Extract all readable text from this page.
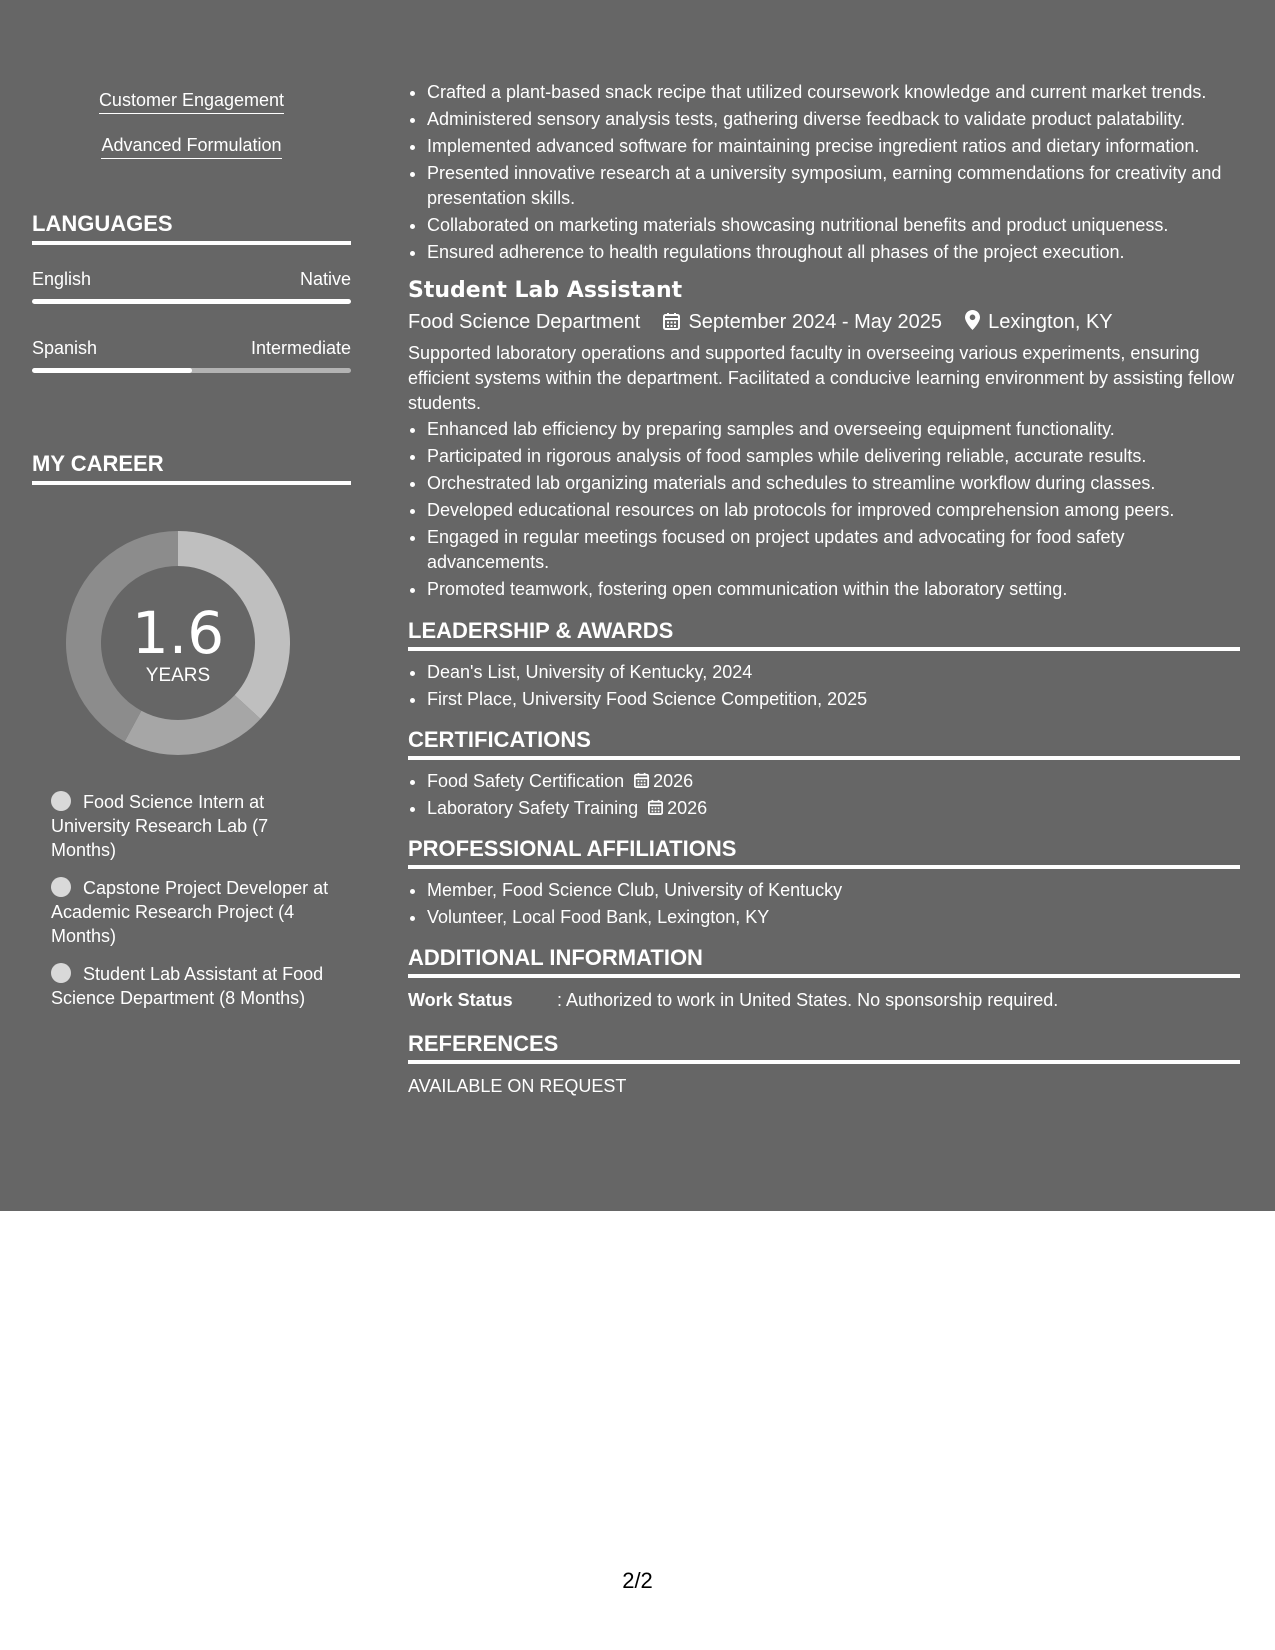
Customer Engagement
Advanced Formulation
LANGUAGES
English	Native
Spanish	Intermediate
MY CAREER
1.6
YEARS
Food Science Intern at University Research Lab (7 Months)
Capstone Project Developer at Academic Research Project (4 Months)
Student Lab Assistant at Food Science Department (8 Months)
• Crafted a plant-based snack recipe that utilized coursework knowledge and current market trends.
• Administered sensory analysis tests, gathering diverse feedback to validate product palatability.
• Implemented advanced software for maintaining precise ingredient ratios and dietary information.
• Presented innovative research at a university symposium, earning commendations for creativity and presentation skills.
• Collaborated on marketing materials showcasing nutritional benefits and product uniqueness.
• Ensured adherence to health regulations throughout all phases of the project execution.
Student Lab Assistant
Food Science Department September 2024 - May 2025 Lexington, KY
Supported laboratory operations and supported faculty in overseeing various experiments, ensuring efficient systems within the department. Facilitated a conducive learning environment by assisting fellow students.
• Enhanced lab efficiency by preparing samples and overseeing equipment functionality.
• Participated in rigorous analysis of food samples while delivering reliable, accurate results.
• Orchestrated lab organizing materials and schedules to streamline workflow during classes.
• Developed educational resources on lab protocols for improved comprehension among peers.
• Engaged in regular meetings focused on project updates and advocating for food safety advancements.
• Promoted teamwork, fostering open communication within the laboratory setting.
LEADERSHIP & AWARDS
• Dean's List, University of Kentucky, 2024
• First Place, University Food Science Competition, 2025
CERTIFICATIONS
• Food Safety Certification 2026
• Laboratory Safety Training 2026
PROFESSIONAL AFFILIATIONS
• Member, Food Science Club, University of Kentucky
• Volunteer, Local Food Bank, Lexington, KY
ADDITIONAL INFORMATION
Work Status : Authorized to work in United States. No sponsorship required.
REFERENCES
AVAILABLE ON REQUEST
2/2
